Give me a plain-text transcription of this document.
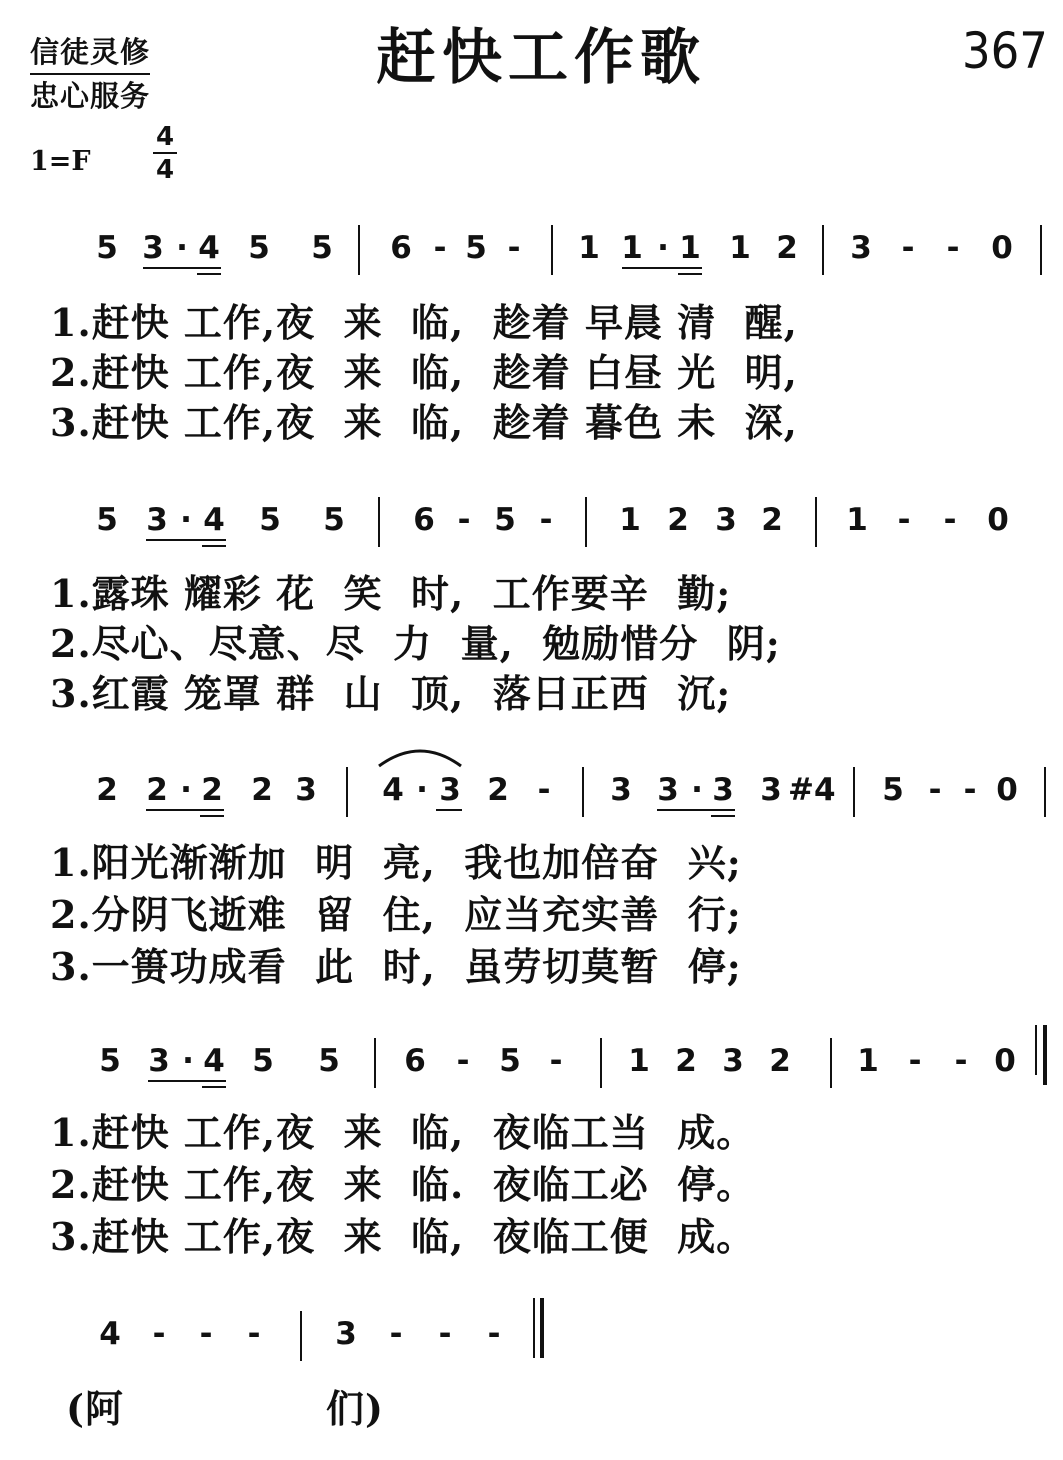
信徒灵修
忠心服务
赶快工作歌	367
1=F
4
4
5 3 · 4 5 5 6 - 5 - 1 1 · 1 1 2 3 - - 0
1.赶快 工作,夜  来  临,  趁着 早晨 清  醒,
2.赶快 工作,夜  来  临,  趁着 白昼 光  明,
3.赶快 工作,夜  来  临,  趁着 暮色 未  深,
5 3 · 4 5 5 6 - 5 - 1 2 3 2 1 - - 0
1.露珠 耀彩 花  笑  时,  工作要辛  勤;
2.尽心、尽意、尽  力  量,  勉励惜分  阴;
3.红霞 笼罩 群  山  顶,  落日正西  沉;
2 2 · 2 2 3 4 · 3 2 - 3 3 · 3 3 #4 5 - - 0
1.阳光渐渐加  明  亮,  我也加倍奋  兴;
2.分阴飞逝难  留  住,  应当充实善  行;
3.一篑功成看  此  时,  虽劳切莫暂  停;
5 3 · 4 5 5 6 - 5 - 1 2 3 2 1 - - 0
1.赶快 工作,夜  来  临,  夜临工当  成。
2.赶快 工作,夜  来  临.  夜临工必  停。
3.赶快 工作,夜  来  临,  夜临工便  成。
4 - - - 3 - - -
(阿	们)
